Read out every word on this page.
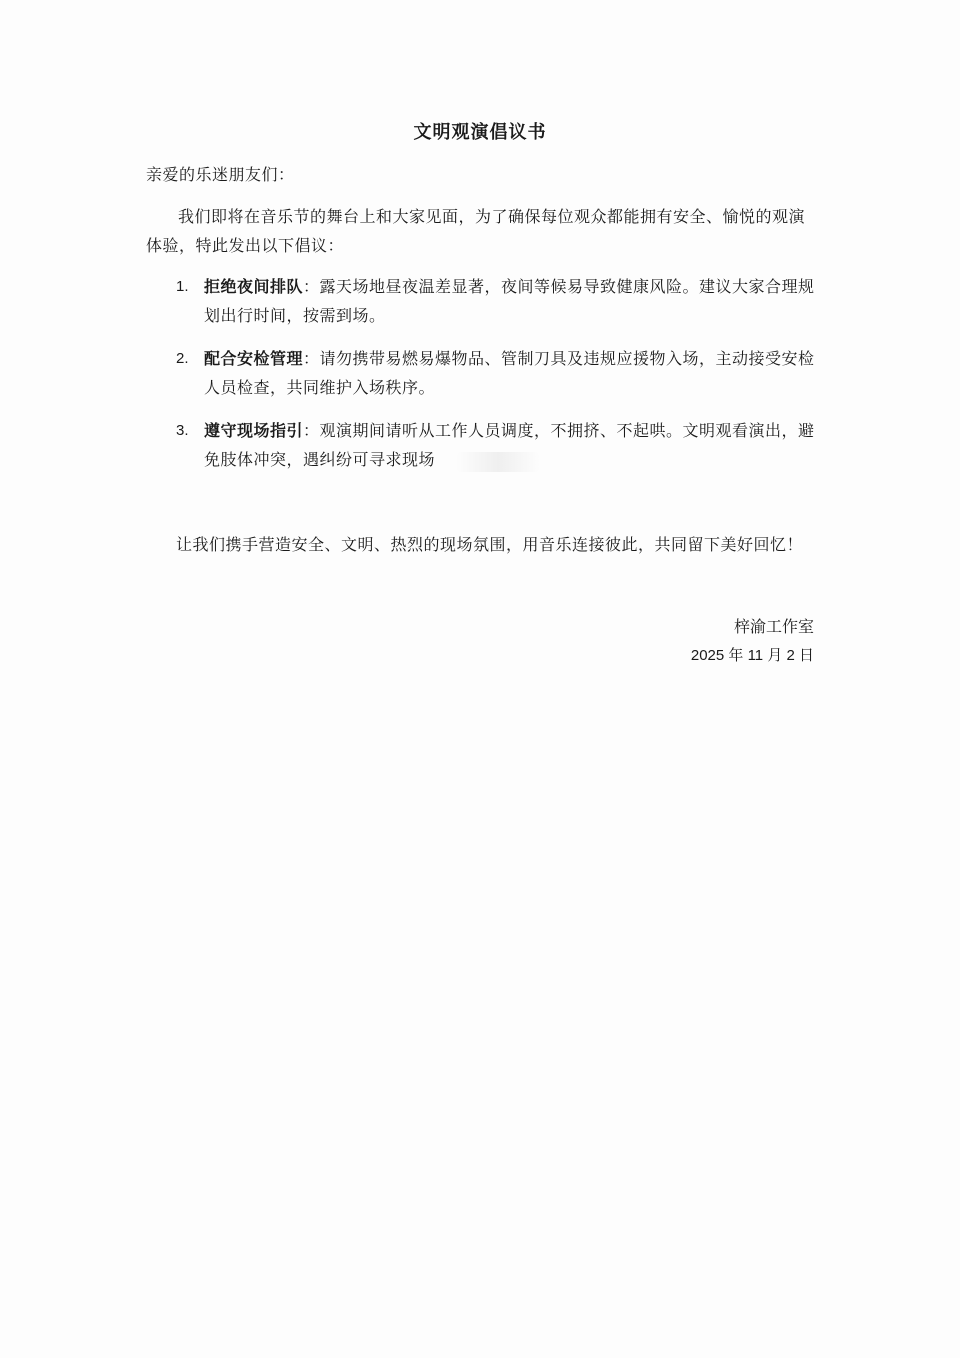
文明观演倡议书
亲爱的乐迷朋友们：
我们即将在音乐节的舞台上和大家见面，为了确保每位观众都能拥有安全、愉悦的观演体验，特此发出以下倡议：
1. 拒绝夜间排队：露天场地昼夜温差显著，夜间等候易导致健康风险。建议大家合理规划出行时间，按需到场。
2. 配合安检管理：请勿携带易燃易爆物品、管制刀具及违规应援物入场，主动接受安检人员检查，共同维护入场秩序。
3. 遵守现场指引：观演期间请听从工作人员调度，不拥挤、不起哄。文明观看演出，避免肢体冲突，遇纠纷可寻求现场
让我们携手营造安全、文明、热烈的现场氛围，用音乐连接彼此，共同留下美好回忆！
梓渝工作室
2025 年 11 月 2 日
